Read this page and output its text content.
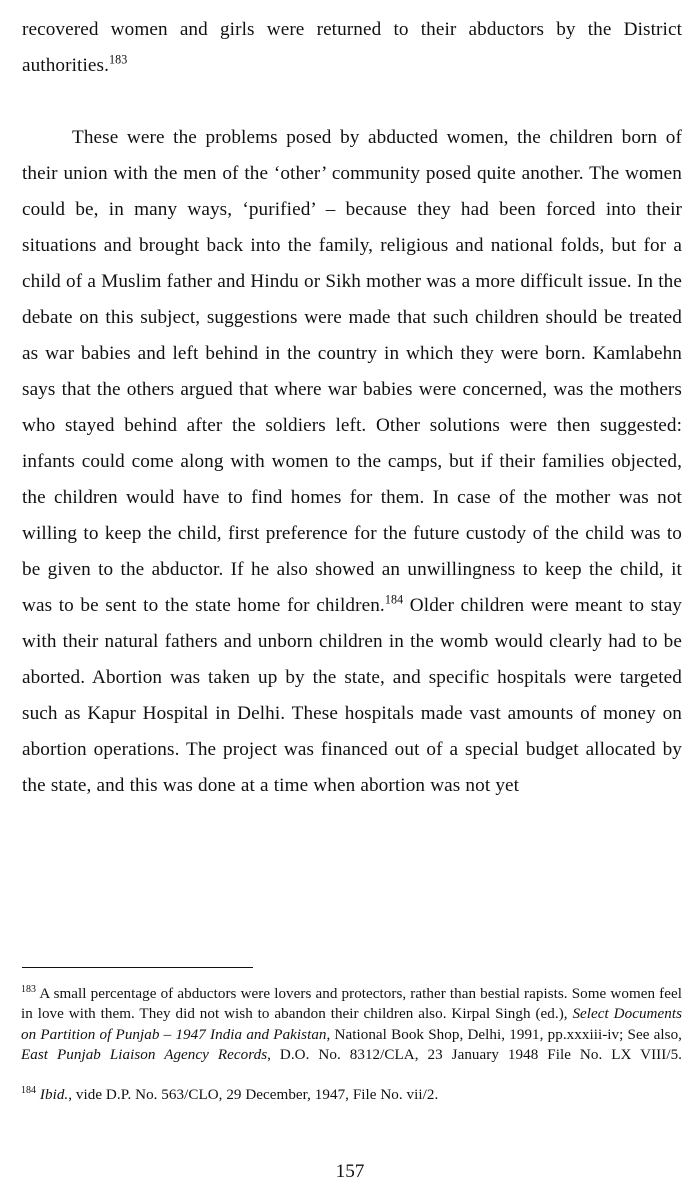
recovered women and girls were returned to their abductors by the District authorities.$^{183}$

These were the problems posed by abducted women, the children born of their union with the men of the ‘other’ community posed quite another. The women could be, in many ways, ‘purified’ – because they had been forced into their situations and brought back into the family, religious and national folds, but for a child of a Muslim father and Hindu or Sikh mother was a more difficult issue. In the debate on this subject, suggestions were made that such children should be treated as war babies and left behind in the country in which they were born. Kamlabehn says that the others argued that where war babies were concerned, was the mothers who stayed behind after the soldiers left. Other solutions were then suggested: infants could come along with women to the camps, but if their families objected, the children would have to find homes for them. In case of the mother was not willing to keep the child, first preference for the future custody of the child was to be given to the abductor. If he also showed an unwillingness to keep the child, it was to be sent to the state home for children.$^{184}$ Older children were meant to stay with their natural fathers and unborn children in the womb would clearly had to be aborted. Abortion was taken up by the state, and specific hospitals were targeted such as Kapur Hospital in Delhi. These hospitals made vast amounts of money on abortion operations. The project was financed out of a special budget allocated by the state, and this was done at a time when abortion was not yet

$^{183}$ A small percentage of abductors were lovers and protectors, rather than bestial rapists. Some women feel in love with them. They did not wish to abandon their children also. Kirpal Singh (ed.), Select Documents on Partition of Punjab – 1947 India and Pakistan, National Book Shop, Delhi, 1991, pp.xxxiii-iv; See also, East Punjab Liaison Agency Records, D.O. No. 8312/CLA, 23 January 1948 File No. LX VIII/5.

$^{184}$ Ibid., vide D.P. No. 563/CLO, 29 December, 1947, File No. vii/2.

157
